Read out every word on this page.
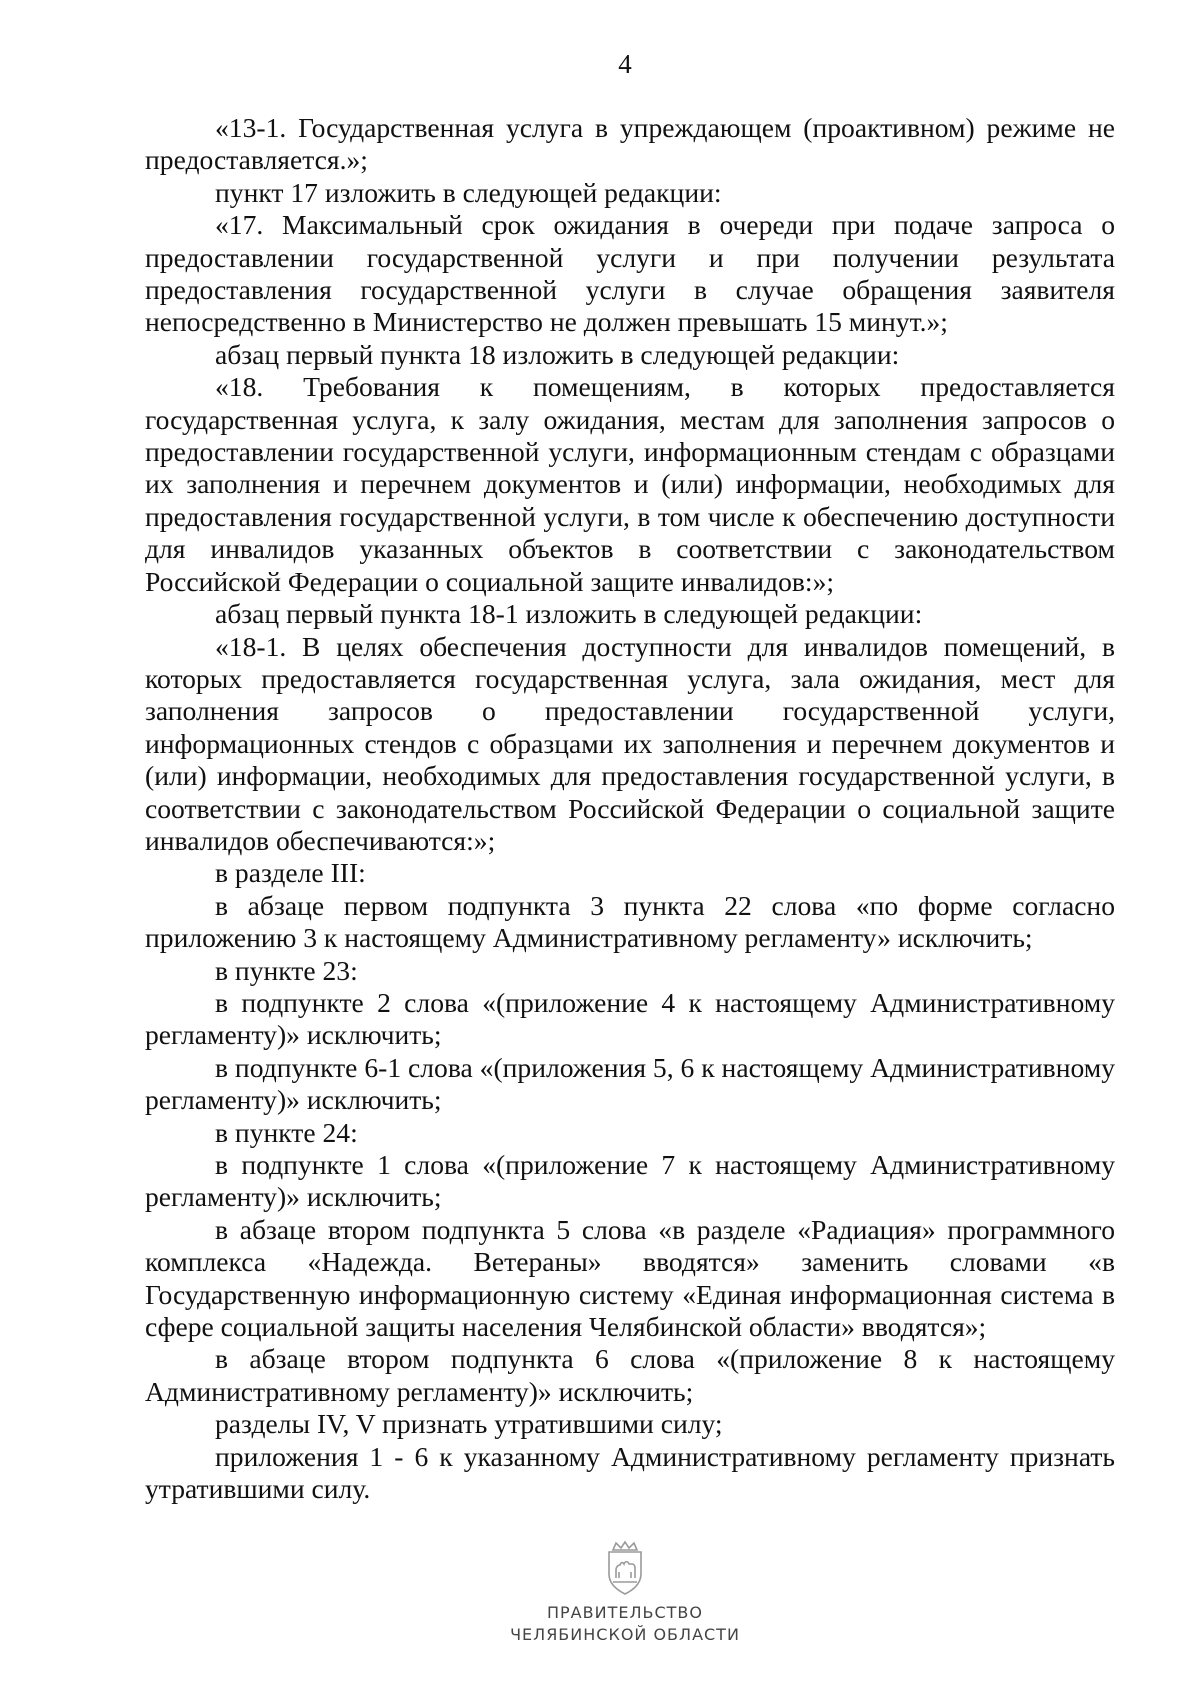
4

«13-1. Государственная услуга в упреждающем (проактивном) режиме не предоставляется.»;

пункт 17 изложить в следующей редакции:

«17. Максимальный срок ожидания в очереди при подаче запроса о предоставлении государственной услуги и при получении результата предоставления государственной услуги в случае обращения заявителя непосредственно в Министерство не должен превышать 15 минут.»;

абзац первый пункта 18 изложить в следующей редакции:

«18. Требования к помещениям, в которых предоставляется государственная услуга, к залу ожидания, местам для заполнения запросов о предоставлении государственной услуги, информационным стендам с образцами их заполнения и перечнем документов и (или) информации, необходимых для предоставления государственной услуги, в том числе к обеспечению доступности для инвалидов указанных объектов в соответствии с законодательством Российской Федерации о социальной защите инвалидов:»;

абзац первый пункта 18-1 изложить в следующей редакции:

«18-1. В целях обеспечения доступности для инвалидов помещений, в которых предоставляется государственная услуга, зала ожидания, мест для заполнения запросов о предоставлении государственной услуги, информационных стендов с образцами их заполнения и перечнем документов и (или) информации, необходимых для предоставления государственной услуги, в соответствии с законодательством Российской Федерации о социальной защите инвалидов обеспечиваются:»;

в разделе III:

в абзаце первом подпункта 3 пункта 22 слова «по форме согласно приложению 3 к настоящему Административному регламенту» исключить;

в пункте 23:

в подпункте 2 слова «(приложение 4 к настоящему Административному регламенту)» исключить;

в подпункте 6-1 слова «(приложения 5, 6 к настоящему Административному регламенту)» исключить;

в пункте 24:

в подпункте 1 слова «(приложение 7 к настоящему Административному регламенту)» исключить;

в абзаце втором подпункта 5 слова «в разделе «Радиация» программного комплекса «Надежда. Ветераны» вводятся» заменить словами «в Государственную информационную систему «Единая информационная система в сфере социальной защиты населения Челябинской области» вводятся»;

в абзаце втором подпункта 6 слова «(приложение 8 к настоящему Административному регламенту)» исключить;

разделы IV, V признать утратившими силу;

приложения 1 - 6 к указанному Административному регламенту признать утратившими силу.

ПРАВИТЕЛЬСТВО
ЧЕЛЯБИНСКОЙ ОБЛАСТИ
